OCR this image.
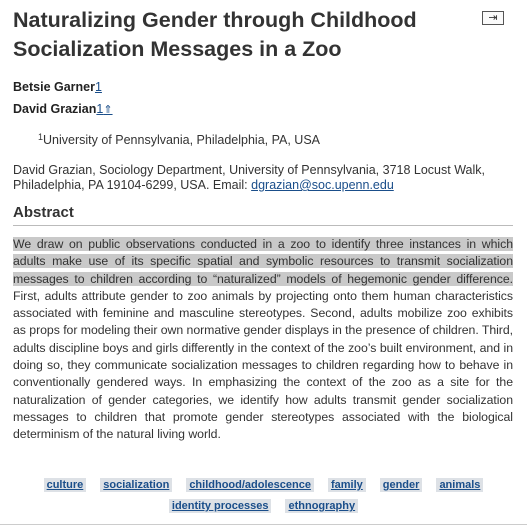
Naturalizing Gender through Childhood Socialization Messages in a Zoo
⇥
Betsie Garner1
David Grazian1⇑
$^1$University of Pennsylvania, Philadelphia, PA, USA
David Grazian, Sociology Department, University of Pennsylvania, 3718 Locust Walk, Philadelphia, PA 19104-6299, USA. Email: dgrazian@soc.upenn.edu
Abstract
We draw on public observations conducted in a zoo to identify three instances in which adults make use of its specific spatial and symbolic resources to transmit socialization messages to children according to “naturalized” models of hegemonic gender difference. First, adults attribute gender to zoo animals by projecting onto them human characteristics associated with feminine and masculine stereotypes. Second, adults mobilize zoo exhibits as props for modeling their own normative gender displays in the presence of children. Third, adults discipline boys and girls differently in the context of the zoo’s built environment, and in doing so, they communicate socialization messages to children regarding how to behave in conventionally gendered ways. In emphasizing the context of the zoo as a site for the naturalization of gender categories, we identify how adults transmit gender socialization messages to children that promote gender stereotypes associated with the biological determinism of the natural living world.
culture socialization childhood/adolescence family gender animals
identity processes ethnography
